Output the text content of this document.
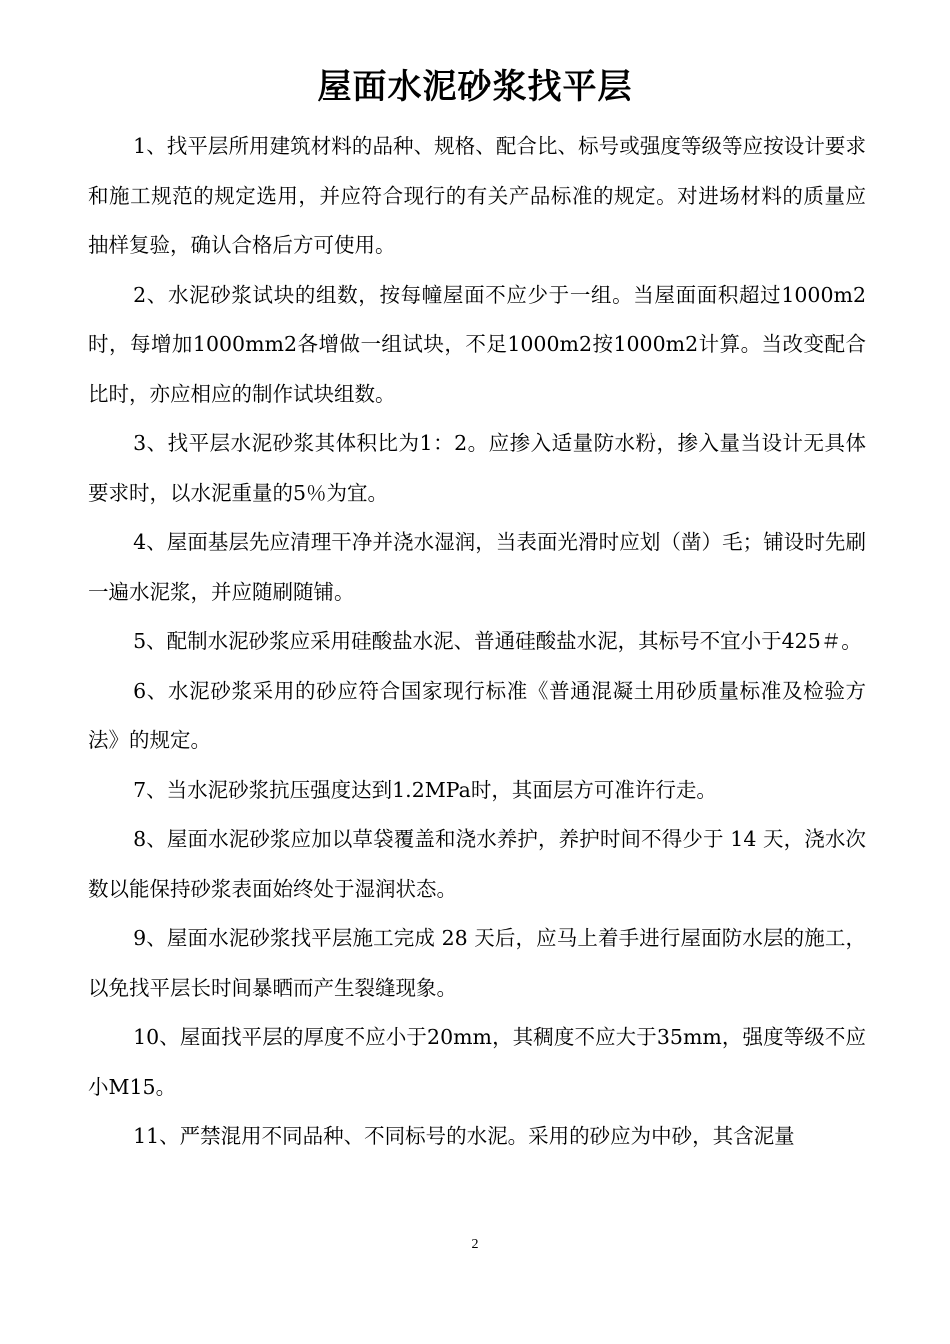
屋面水泥砂浆找平层

1、找平层所用建筑材料的品种、规格、配合比、标号或强度等级等应按设计要求和施工规范的规定选用，并应符合现行的有关产品标准的规定。对进场材料的质量应抽样复验，确认合格后方可使用。

2、水泥砂浆试块的组数，按每幢屋面不应少于一组。当屋面面积超过1000m2时，每增加1000mm2各增做一组试块，不足1000m2按1000m2计算。当改变配合比时，亦应相应的制作试块组数。

3、找平层水泥砂浆其体积比为1：2。应掺入适量防水粉，掺入量当设计无具体要求时，以水泥重量的5％为宜。

4、屋面基层先应清理干净并浇水湿润，当表面光滑时应划（凿）毛；铺设时先刷一遍水泥浆，并应随刷随铺。

5、配制水泥砂浆应采用硅酸盐水泥、普通硅酸盐水泥，其标号不宜小于425＃。

6、水泥砂浆采用的砂应符合国家现行标准《普通混凝土用砂质量标准及检验方法》的规定。

7、当水泥砂浆抗压强度达到1.2MPa时，其面层方可准许行走。

8、屋面水泥砂浆应加以草袋覆盖和浇水养护，养护时间不得少于 14 天，浇水次数以能保持砂浆表面始终处于湿润状态。

9、屋面水泥砂浆找平层施工完成 28 天后，应马上着手进行屋面防水层的施工，以免找平层长时间暴晒而产生裂缝现象。

10、屋面找平层的厚度不应小于20mm，其稠度不应大于35mm，强度等级不应小M15。

11、严禁混用不同品种、不同标号的水泥。采用的砂应为中砂，其含泥量

2
